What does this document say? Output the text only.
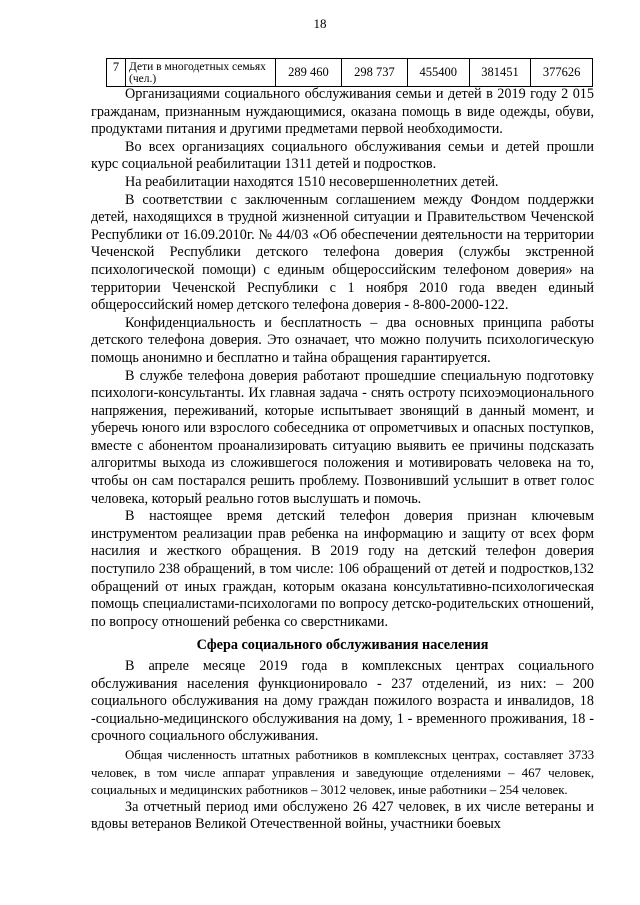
18
7	Дети в многодетных семьях (чел.)	289 460	298 737	455400	381451	377626

Организациями социального обслуживания семьи и детей в 2019 году 2 015 гражданам, признанным нуждающимися, оказана помощь в виде одежды, обуви, продуктами питания и другими предметами первой необходимости.

Во всех организациях социального обслуживания семьи и детей прошли курс социальной реабилитации 1311 детей и подростков.

На реабилитации находятся 1510 несовершеннолетних детей.

В соответствии с заключенным соглашением между Фондом поддержки детей, находящихся в трудной жизненной ситуации и Правительством Чеченской Республики от 16.09.2010г. № 44/03 «Об обеспечении деятельности на территории Чеченской Республики детского телефона доверия (службы экстренной психологической помощи) с единым общероссийским телефоном доверия» на территории Чеченской Республики с 1 ноября 2010 года введен единый общероссийский номер детского телефона доверия - 8-800-2000-122.

Конфиденциальность и бесплатность – два основных принципа работы детского телефона доверия. Это означает, что можно получить психологическую помощь анонимно и бесплатно и тайна обращения гарантируется.

В службе телефона доверия работают прошедшие специальную подготовку психологи-консультанты. Их главная задача - снять остроту психоэмоционального напряжения, переживаний, которые испытывает звонящий в данный момент, и уберечь юного или взрослого собеседника от опрометчивых и опасных поступков, вместе с абонентом проанализировать ситуацию выявить ее причины подсказать алгоритмы выхода из сложившегося положения и мотивировать человека на то, чтобы он сам постарался решить проблему. Позвонивший услышит в ответ голос человека, который реально готов выслушать и помочь.

В настоящее время детский телефон доверия признан ключевым инструментом реализации прав ребенка на информацию и защиту от всех форм насилия и жесткого обращения. В 2019 году на детский телефон доверия поступило 238 обращений, в том числе: 106 обращений от детей и подростков,132 обращений от иных граждан, которым оказана консультативно-психологическая помощь специалистами-психологами по вопросу детско-родительских отношений, по вопросу отношений ребенка со сверстниками.

Сфера социального обслуживания населения

В апреле месяце 2019 года в комплексных центрах социального обслуживания населения функционировало - 237 отделений, из них: – 200 социального обслуживания на дому граждан пожилого возраста и инвалидов, 18 -социально-медицинского обслуживания на дому, 1 - временного проживания, 18 - срочного социального обслуживания.

Общая численность штатных работников в комплексных центрах, составляет 3733 человек, в том числе аппарат управления и заведующие отделениями – 467 человек, социальных и медицинских работников – 3012 человек, иные работники – 254 человек.

За отчетный период ими обслужено 26 427 человек, в их числе ветераны и вдовы ветеранов Великой Отечественной войны, участники боевых
